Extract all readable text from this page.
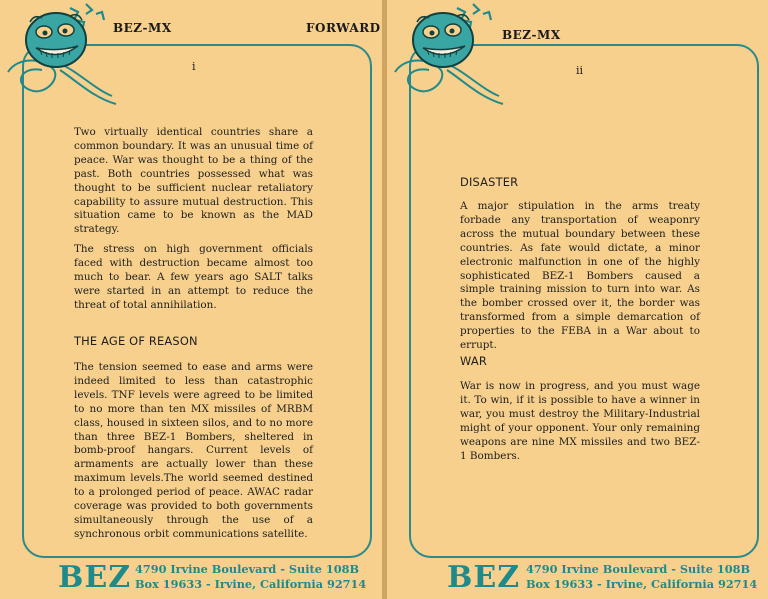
BEZ-MX	FORWARD
i

Two virtually identical countries share a common boundary. It was an unusual time of peace. War was thought to be a thing of the past. Both countries possessed what was thought to be sufficient nuclear retaliatory capability to assure mutual destruction. This situation came to be known as the MAD strategy.

The stress on high government officials faced with destruction became almost too much to bear. A few years ago SALT talks were started in an attempt to reduce the threat of total annihilation.

THE AGE OF REASON

The tension seemed to ease and arms were indeed limited to less than catastrophic levels. TNF levels were agreed to be limited to no more than ten MX missiles of MRBM class, housed in sixteen silos, and to no more than three BEZ-1 Bombers, sheltered in bomb-proof hangars. Current levels of armaments are actually lower than these maximum levels.The world seemed destined to a prolonged period of peace. AWAC radar coverage was provided to both governments simultaneously through the use of a synchronous orbit communications satellite.

BEZ 4790 Irvine Boulevard - Suite 108B
Box 19633 - Irvine, California 92714
BEZ-MX
ii
DISASTER

A major stipulation in the arms treaty forbade any transportation of weaponry across the mutual boundary between these countries. As fate would dictate, a minor electronic malfunction in one of the highly sophisticated BEZ-1 Bombers caused a simple training mission to turn into war. As the bomber crossed over it, the border was transformed from a simple demarcation of properties to the FEBA in a War about to errupt.

WAR

War is now in progress, and you must wage it. To win, if it is possible to have a winner in war, you must destroy the Military-Industrial might of your opponent. Your only remaining weapons are nine MX missiles and two BEZ-1 Bombers.

BEZ 4790 Irvine Boulevard - Suite 108B
Box 19633 - Irvine, California 92714
